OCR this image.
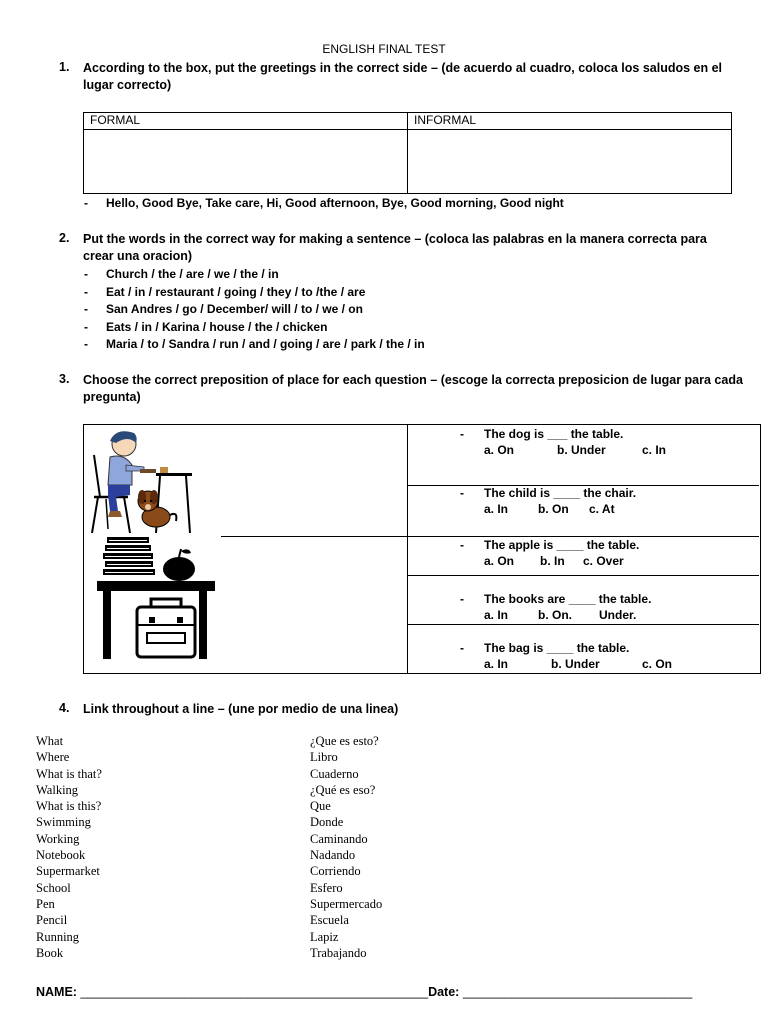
ENGLISH FINAL TEST
1. According to the box, put the greetings in the correct side – (de acuerdo al cuadro, coloca los saludos en el lugar correcto)
FORMAL	INFORMAL

- Hello, Good Bye, Take care, Hi, Good afternoon, Bye, Good morning, Good night
2. Put the words in the correct way for making a sentence – (coloca las palabras en la manera correcta para crear una oracion)
- Church / the / are / we / the / in
- Eat / in / restaurant / going / they / to /the / are
- San Andres / go / December/ will / to / we / on
- Eats / in / Karina / house / the / chicken
- Maria / to / Sandra / run / and / going / are / park / the / in
3. Choose the correct preposition of place for each question – (escoge la correcta preposicion de lugar para cada pregunta)
- The dog is ___ the table.
a. On	b. Under	c. In
- The child is ____ the chair.
a. In b. On c. At
- The apple is ____ the table.
a. On b. In c. Over
- The books are ____ the table.
a. In b. On. Under.
- The bag is ____ the table.
a. In	b. Under	c. On
4. Link throughout a line – (une por medio de una linea)
What
Where
What is that?
Walking
What is this?
Swimming
Working
Notebook
Supermarket
School
Pen
Pencil
Running
Book
¿Que es esto?
Libro
Cuaderno
¿Qué es eso?
Que
Donde
Caminando
Nadando
Corriendo
Esfero
Supermercado
Escuela
Lapiz
Trabajando
NAME: __________________________________________________Date: _________________________________
